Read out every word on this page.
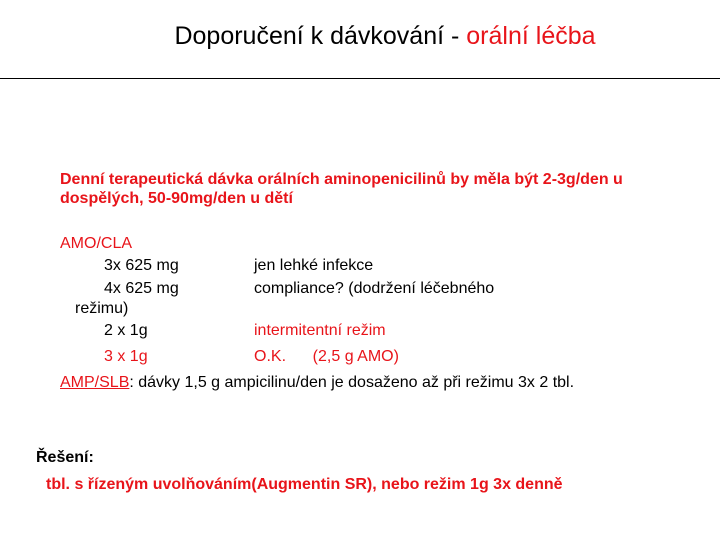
Doporučení k dávkování - orální léčba
Denní terapeutická dávka orálních aminopenicilinů by měla být 2-3g/den u
dospělých, 50-90mg/den u dětí
AMO/CLA
3x 625 mg	jen lehké infekce
4x 625 mg	compliance? (dodržení léčebného
režimu)
2 x 1g	intermitentní režim
3 x 1g	O.K.      (2,5 g AMO)
AMP/SLB: dávky 1,5 g ampicilinu/den je dosaženo až při režimu 3x 2 tbl.
Řešení:
tbl. s řízeným uvolňováním(Augmentin SR), nebo režim 1g 3x denně
